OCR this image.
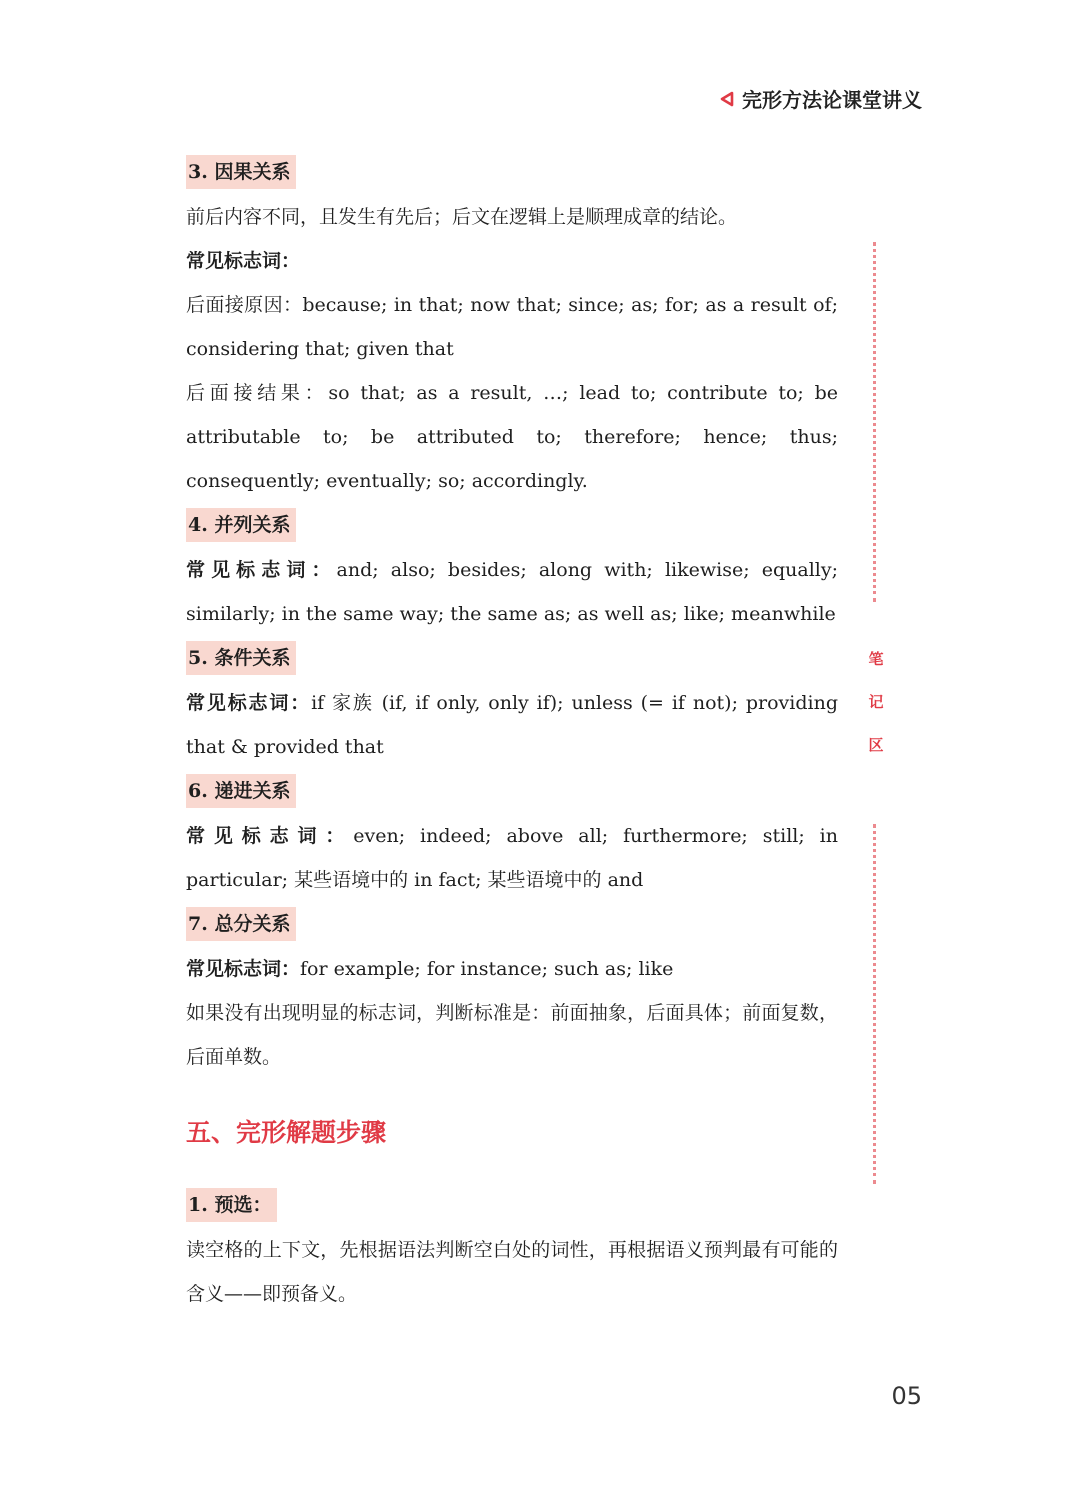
完形方法论课堂讲义
3. 因果关系

前后内容不同，且发生有先后；后文在逻辑上是顺理成章的结论。

常见标志词：

后面接原因：because; in that; now that; since; as; for; as a result of; considering that; given that

后面接结果：so that; as a result, …; lead to; contribute to; be attributable to; be attributed to; therefore; hence; thus; consequently; eventually; so; accordingly.

4. 并列关系

常见标志词：and; also; besides; along with; likewise; equally; similarly; in the same way; the same as; as well as; like; meanwhile

5. 条件关系

常见标志词：if 家族 (if, if only, only if); unless (= if not); providing that & provided that

6. 递进关系

常见标志词：even; indeed; above all; furthermore; still; in particular; 某些语境中的 in fact; 某些语境中的 and

7. 总分关系

常见标志词：for example; for instance; such as; like

如果没有出现明显的标志词，判断标准是：前面抽象，后面具体；前面复数，后面单数。

五、完形解题步骤
1. 预选：

读空格的上下文，先根据语法判断空白处的词性，再根据语义预判最有可能的含义——即预备义。

笔
记
区
05
